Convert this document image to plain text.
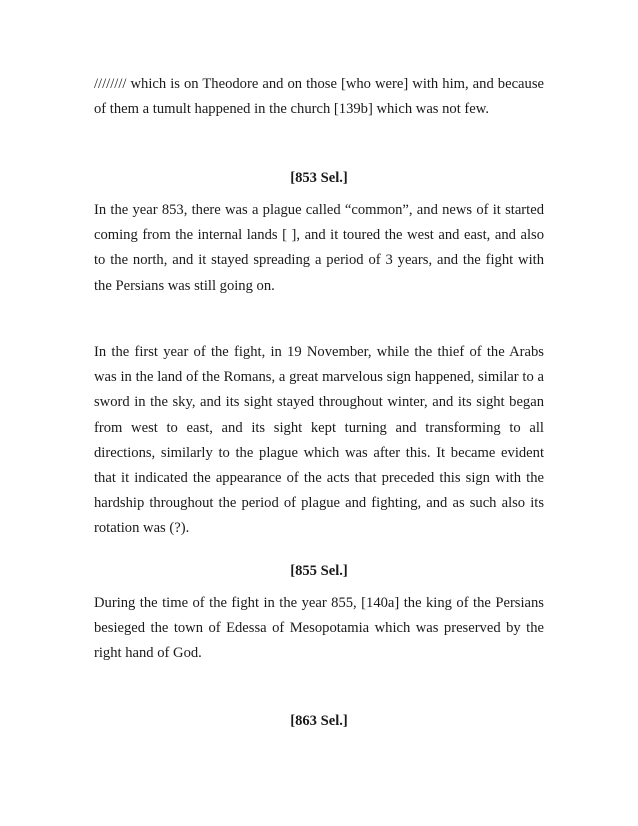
//////// which is on Theodore and on those [who were] with him, and because of them a tumult happened in the church [139b] which was not few.

[853 Sel.]

In the year 853, there was a plague called “common”, and news of it started coming from the internal lands [ ], and it toured the west and east, and also to the north, and it stayed spreading a period of 3 years, and the fight with the Persians was still going on.

In the first year of the fight, in 19 November, while the thief of the Arabs was in the land of the Romans, a great marvelous sign happened, similar to a sword in the sky, and its sight stayed throughout winter, and its sight began from west to east, and its sight kept turning and transforming to all directions, similarly to the plague which was after this. It became evident that it indicated the appearance of the acts that preceded this sign with the hardship throughout the period of plague and fighting, and as such also its rotation was (?).

[855 Sel.]

During the time of the fight in the year 855, [140a] the king of the Persians besieged the town of Edessa of Mesopotamia which was preserved by the right hand of God.

[863 Sel.]
